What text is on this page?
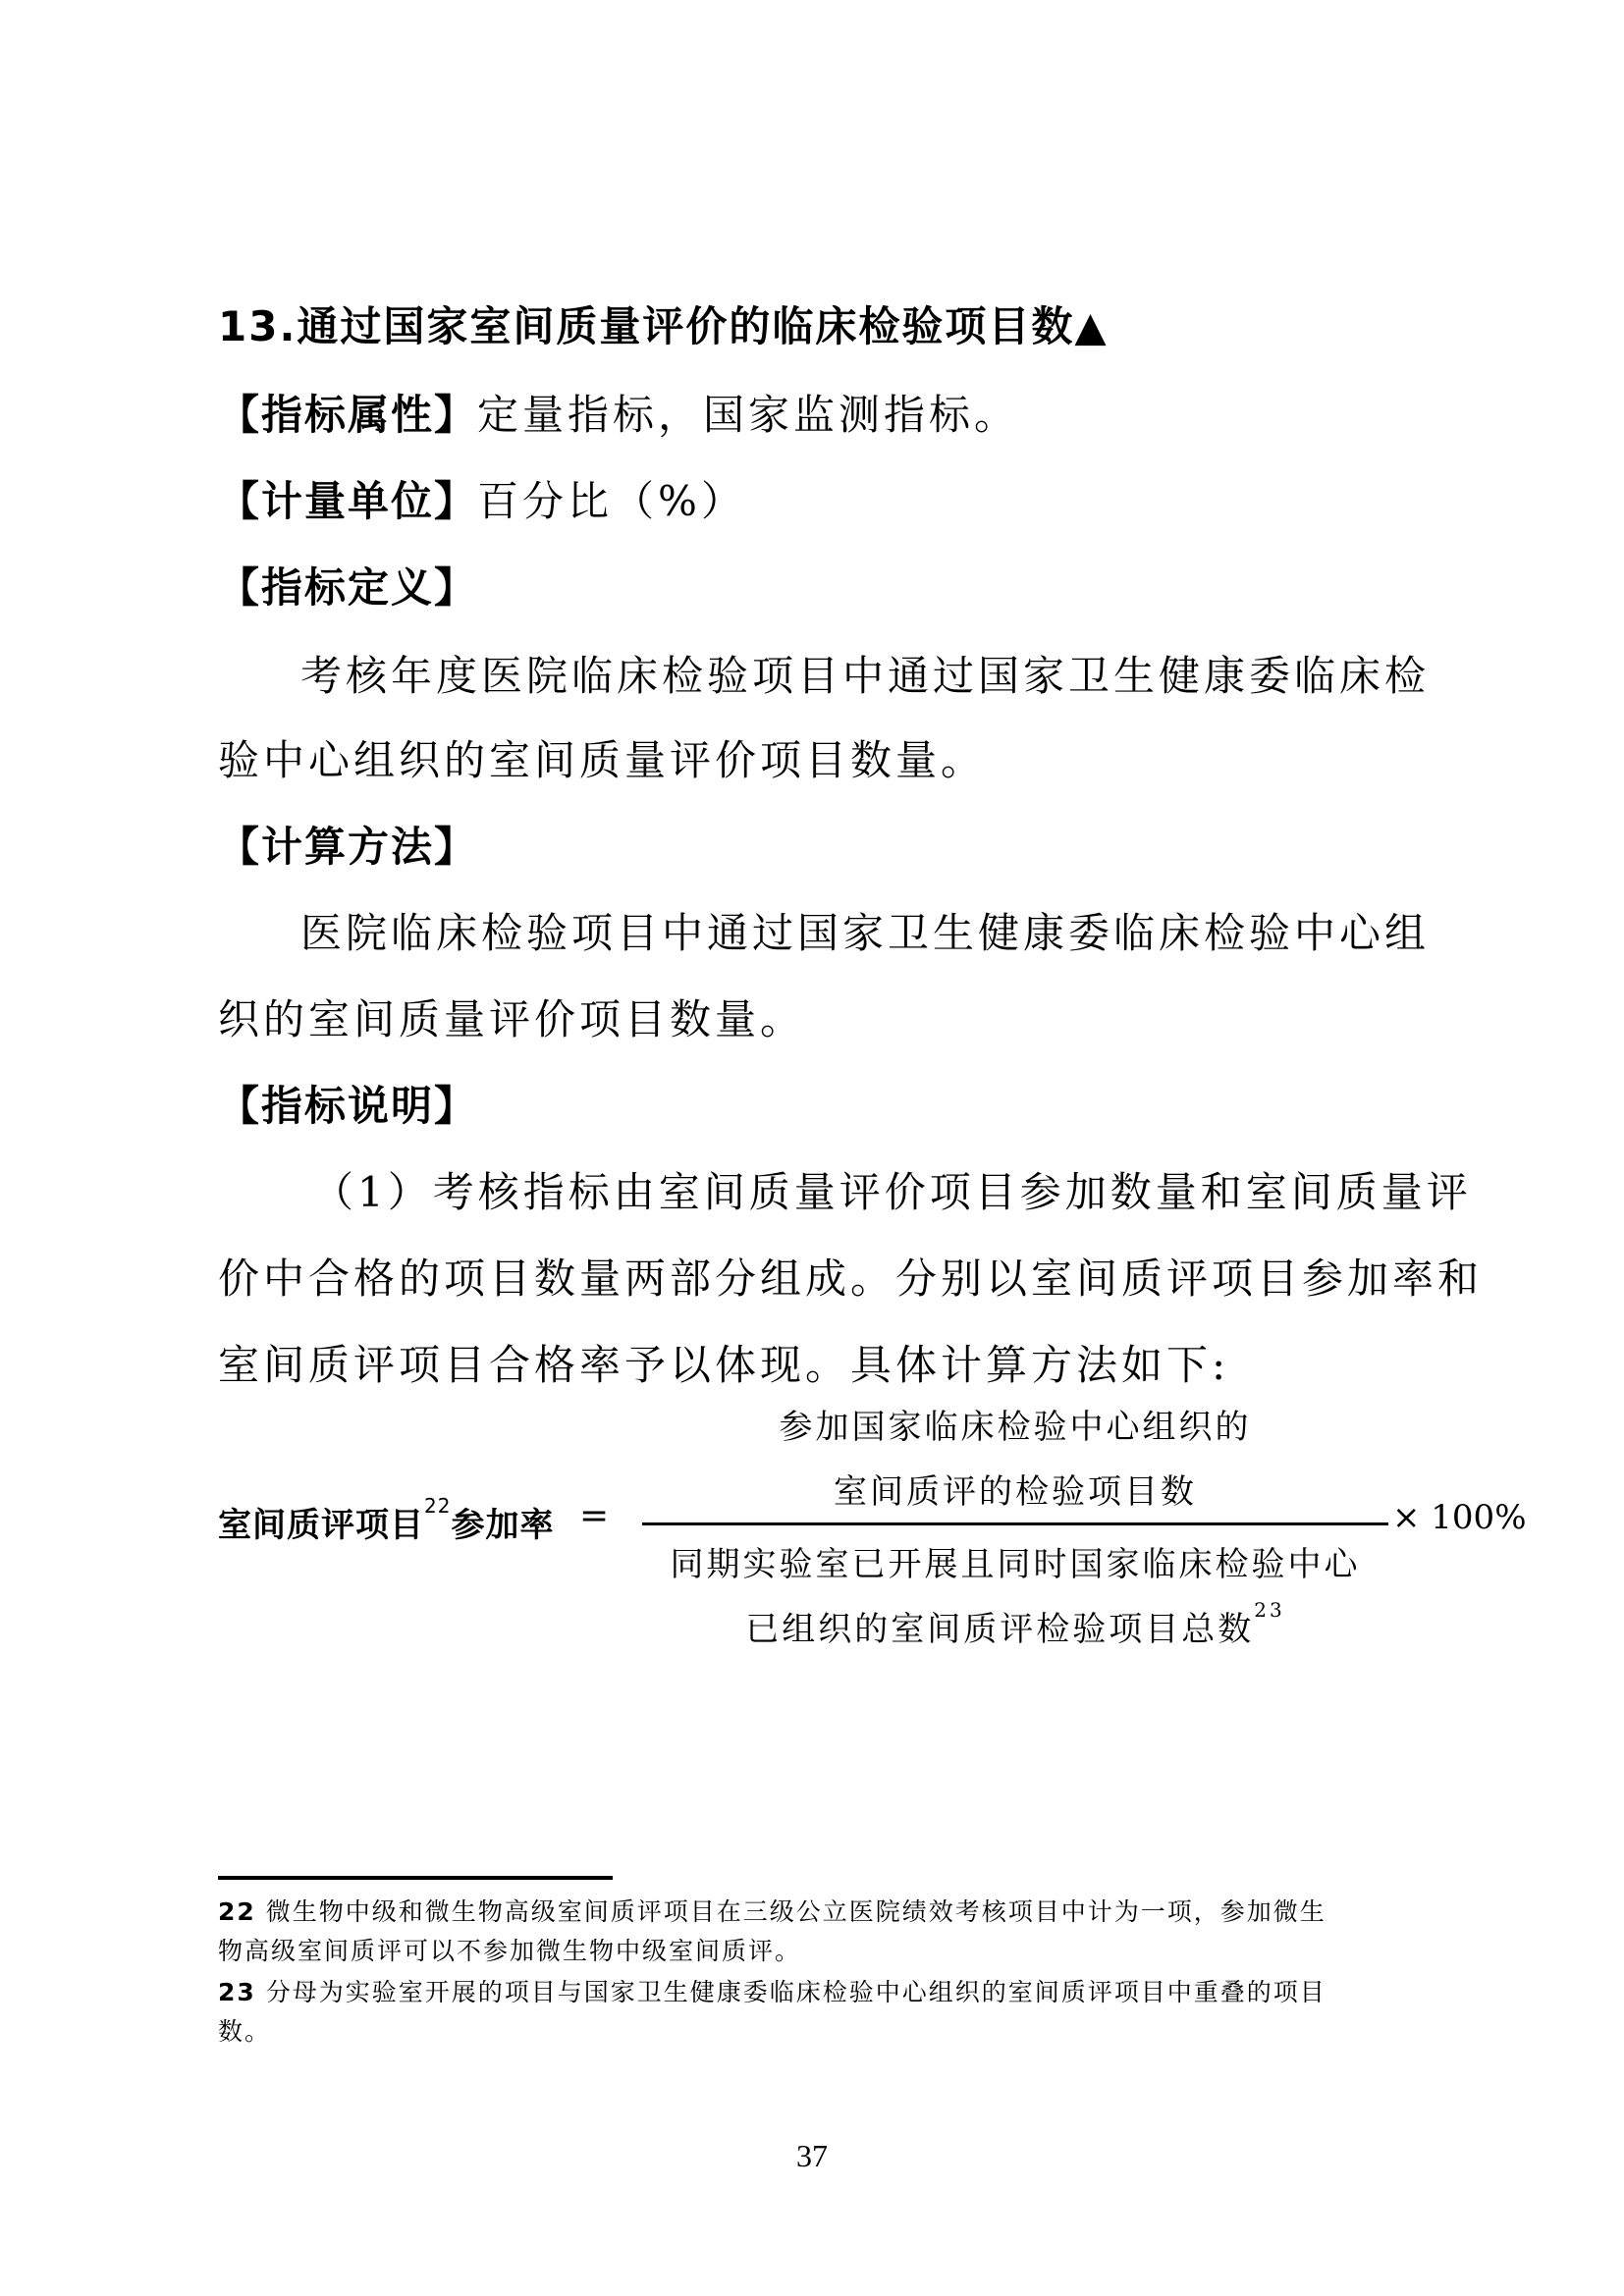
13.通过国家室间质量评价的临床检验项目数▲
【指标属性】定量指标，国家监测指标。
【计量单位】百分比（%）
【指标定义】
考核年度医院临床检验项目中通过国家卫生健康委临床检
验中心组织的室间质量评价项目数量。
【计算方法】
医院临床检验项目中通过国家卫生健康委临床检验中心组
织的室间质量评价项目数量。
【指标说明】
（1）考核指标由室间质量评价项目参加数量和室间质量评
价中合格的项目数量两部分组成。分别以室间质评项目参加率和
室间质评项目合格率予以体现。具体计算方法如下:
室间质评项目$^{22}$参加率 =
参加国家临床检验中心组织的
室间质评的检验项目数
同期实验室已开展且同时国家临床检验中心
已组织的室间质评检验项目总数$^{23}$
× 100%
22 微生物中级和微生物高级室间质评项目在三级公立医院绩效考核项目中计为一项，参加微生
物高级室间质评可以不参加微生物中级室间质评。
23 分母为实验室开展的项目与国家卫生健康委临床检验中心组织的室间质评项目中重叠的项目
数。
37
